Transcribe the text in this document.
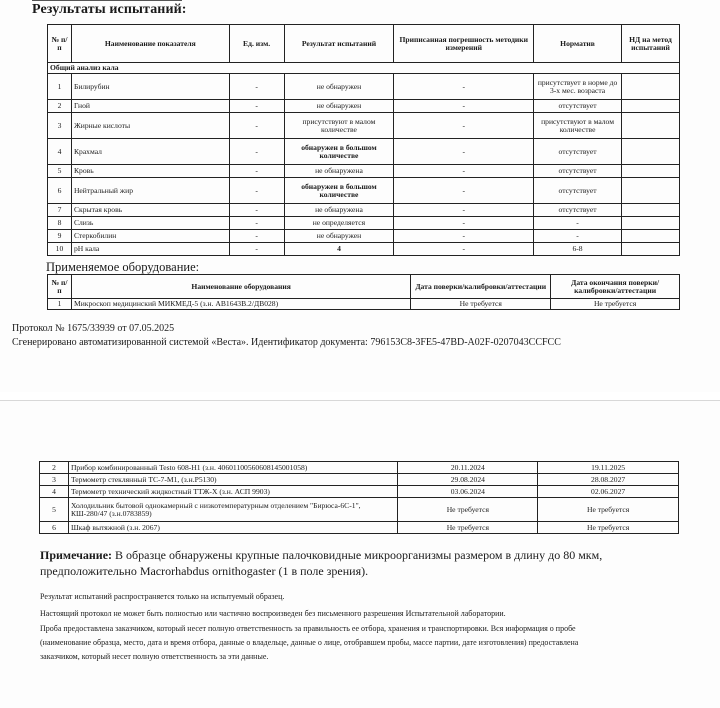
Результаты испытаний:
№ п/п	Наименование показателя	Ед. изм.	Результат испытаний	Приписанная погрешность методики измерений	Норматив	НД на метод испытаний
Общий анализ кала						
1	Билирубин	-	не обнаружен	-	присутствует в норме до 3-х мес. возраста	
2	Гной	-	не обнаружен	-	отсутствует	
3	Жирные кислоты	-	присутствуют в малом количестве	-	присутствуют в малом количестве	
4	Крахмал	-	обнаружен в большом количестве	-	отсутствует	
5	Кровь	-	не обнаружена	-	отсутствует	
6	Нейтральный жир	-	обнаружен в большом количестве	-	отсутствует	
7	Скрытая кровь	-	не обнаружена	-	отсутствует	
8	Слизь	-	не определяется	-	-	
9	Стеркобилин	-	не обнаружен	-	-	
10	pH кала	-	4	-	6-8	
Применяемое оборудование:
№ п/п	Наименование оборудования	Дата поверки/калибровки/аттестации	Дата окончания поверки/калибровки/аттестации
1	Микроскоп медицинский МИКМЕД-5 (з.н. АВ1643В.2/ДВ028)	Не требуется	Не требуется
Протокол № 1675/33939 от 07.05.2025
Сгенерировано автоматизированной системой «Веста». Идентификатор документа: 796153C8-3FE5-47BD-A02F-0207043CCFCC
2	Прибор комбинированный Testo 608-H1 (з.н. 40601100560608145001058)	20.11.2024	19.11.2025
3	Термометр стеклянный ТС-7-М1, (з.н.Р5130)	29.08.2024	28.08.2027
4	Термометр технический жидкостный ТТЖ-Х (з.н. АСП 9903)	03.06.2024	02.06.2027
5	Холодильник бытовой однокамерный с низкотемпературным отделением "Бирюса-6С-1", КШ-280/47 (з.н.0783859)	Не требуется	Не требуется
6	Шкаф вытяжной (з.н. 2067)	Не требуется	Не требуется
Примечание: В образце обнаружены крупные палочковидные микроорганизмы размером в длину до 80 мкм, предположительно Macrorhabdus ornithogaster (1 в поле зрения).
Результат испытаний распространяется только на испытуемый образец.
Настоящий протокол не может быть полностью или частично воспроизведен без письменного разрешения Испытательной лаборатории.
Проба предоставлена заказчиком, который несет полную ответственность за правильность ее отбора, хранения и транспортировки. Вся информация о пробе
(наименование образца, место, дата и время отбора, данные о владельце, данные о лице, отобравшем пробы, массе партии, дате изготовления) предоставлена
заказчиком, который несет полную ответственность за эти данные.
